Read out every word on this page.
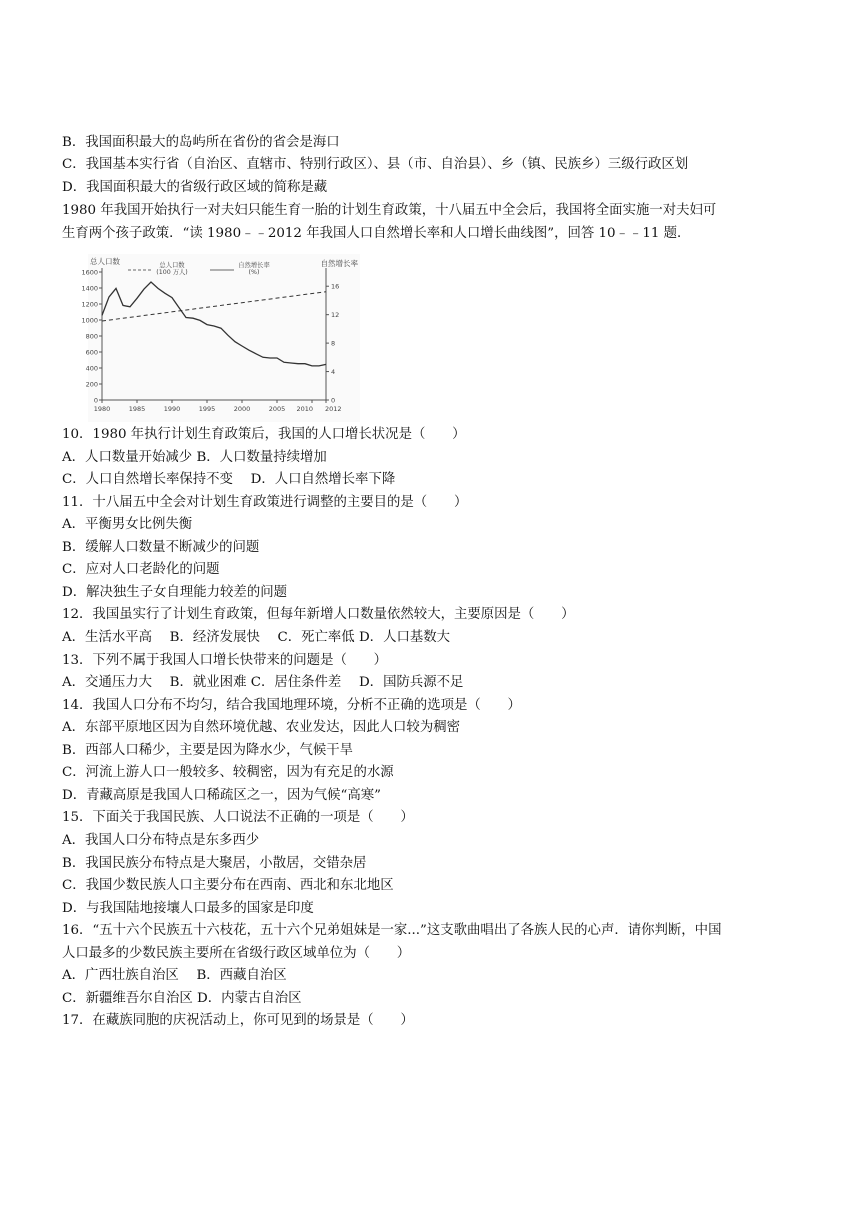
B．我国面积最大的岛屿所在省份的省会是海口
C．我国基本实行省（自治区、直辖市、特别行政区）、县（市、自治县）、乡（镇、民族乡）三级行政区划
D．我国面积最大的省级行政区域的简称是藏
1980 年我国开始执行一对夫妇只能生育一胎的计划生育政策，十八届五中全会后，我国将全面实施一对夫妇可
生育两个孩子政策．“读 1980﹣﹣2012 年我国人口自然增长率和人口增长曲线图”，回答 10﹣﹣11 题．
0
200
400
600
800
1000
1200
1400
1600
0
4
8
12
16
1980	1985	1990	1995	2000	2005 2010 2012
总人口数	自然增长率
总人口数
(100 万人)
自然增长率
(%)
10．1980 年执行计划生育政策后，我国的人口增长状况是（　　）
A．人口数量开始减少 B．人口数量持续增加
C．人口自然增长率保持不变　 D．人口自然增长率下降
11．十八届五中全会对计划生育政策进行调整的主要目的是（　　）
A．平衡男女比例失衡
B．缓解人口数量不断减少的问题
C．应对人口老龄化的问题
D．解决独生子女自理能力较差的问题
12．我国虽实行了计划生育政策，但每年新增人口数量依然较大，主要原因是（　　）
A．生活水平高　 B．经济发展快　 C．死亡率低 D．人口基数大
13．下列不属于我国人口增长快带来的问题是（　　）
A．交通压力大　 B．就业困难 C．居住条件差　 D．国防兵源不足
14．我国人口分布不均匀，结合我国地理环境，分析不正确的选项是（　　）
A．东部平原地区因为自然环境优越、农业发达，因此人口较为稠密
B．西部人口稀少，主要是因为降水少，气候干旱
C．河流上游人口一般较多、较稠密，因为有充足的水源
D．青藏高原是我国人口稀疏区之一，因为气候“高寒”
15．下面关于我国民族、人口说法不正确的一项是（　　）
A．我国人口分布特点是东多西少
B．我国民族分布特点是大聚居，小散居，交错杂居
C．我国少数民族人口主要分布在西南、西北和东北地区
D．与我国陆地接壤人口最多的国家是印度
16．“五十六个民族五十六枝花，五十六个兄弟姐妹是一家...”这支歌曲唱出了各族人民的心声．请你判断，中国
人口最多的少数民族主要所在省级行政区域单位为（　　）
A．广西壮族自治区　 B．西藏自治区
C．新疆维吾尔自治区 D．内蒙古自治区
17．在藏族同胞的庆祝活动上，你可见到的场景是（　　）
